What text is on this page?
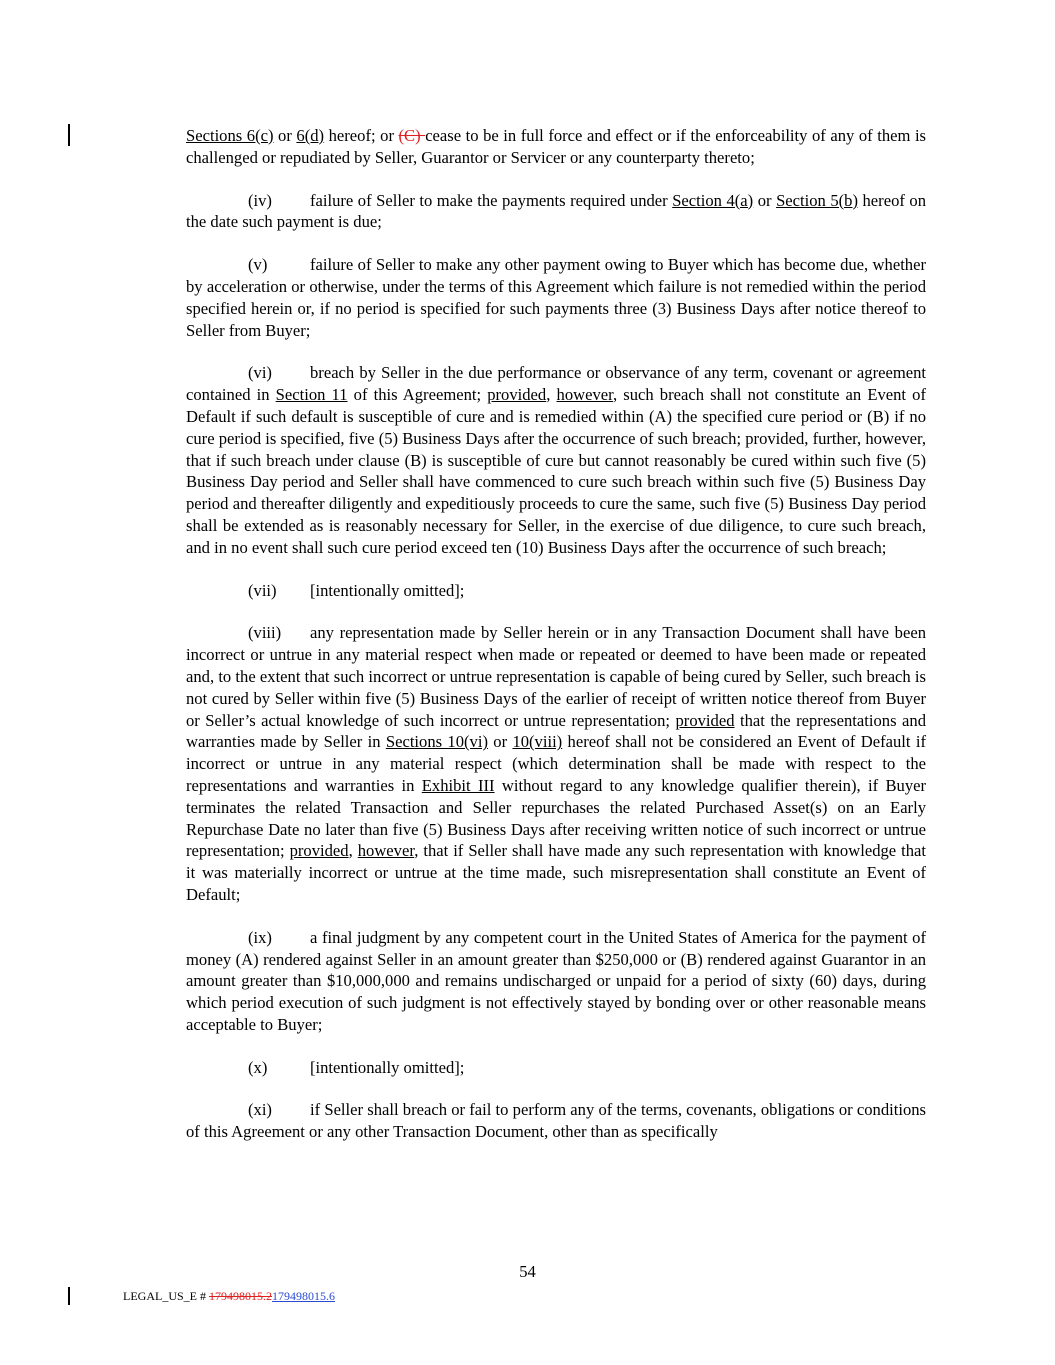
Sections 6(c) or 6(d) hereof; or (C) cease to be in full force and effect or if the enforceability of any of them is challenged or repudiated by Seller, Guarantor or Servicer or any counterparty thereto;

(iv) failure of Seller to make the payments required under Section 4(a) or Section 5(b) hereof on the date such payment is due;

(v)	failure of Seller to make any other payment owing to Buyer which has become due, whether by acceleration or otherwise, under the terms of this Agreement which failure is not remedied within the period specified herein or, if no period is specified for such payments three (3) Business Days after notice thereof to Seller from Buyer;

(vi) breach by Seller in the due performance or observance of any term, covenant or agreement contained in Section 11 of this Agreement; provided, however, such breach shall not constitute an Event of Default if such default is susceptible of cure and is remedied within (A) the specified cure period or (B) if no cure period is specified, five (5) Business Days after the occurrence of such breach; provided, further, however, that if such breach under clause (B) is susceptible of cure but cannot reasonably be cured within such five (5) Business Day period and Seller shall have commenced to cure such breach within such five (5) Business Day period and thereafter diligently and expeditiously proceeds to cure the same, such five (5) Business Day period shall be extended as is reasonably necessary for Seller, in the exercise of due diligence, to cure such breach, and in no event shall such cure period exceed ten (10) Business Days after the occurrence of such breach;

(vii) [intentionally omitted];

(viii) any representation made by Seller herein or in any Transaction Document shall have been incorrect or untrue in any material respect when made or repeated or deemed to have been made or repeated and, to the extent that such incorrect or untrue representation is capable of being cured by Seller, such breach is not cured by Seller within five (5) Business Days of the earlier of receipt of written notice thereof from Buyer or Seller’s actual knowledge of such incorrect or untrue representation; provided that the representations and warranties made by Seller in Sections 10(vi) or 10(viii) hereof shall not be considered an Event of Default if incorrect or untrue in any material respect (which determination shall be made with respect to the representations and warranties in Exhibit III without regard to any knowledge qualifier therein), if Buyer terminates the related Transaction and Seller repurchases the related Purchased Asset(s) on an Early Repurchase Date no later than five (5) Business Days after receiving written notice of such incorrect or untrue representation; provided, however, that if Seller shall have made any such representation with knowledge that it was materially incorrect or untrue at the time made, such misrepresentation shall constitute an Event of Default;

(ix) a final judgment by any competent court in the United States of America for the payment of money (A) rendered against Seller in an amount greater than $250,000 or (B) rendered against Guarantor in an amount greater than $10,000,000 and remains undischarged or unpaid for a period of sixty (60) days, during which period execution of such judgment is not effectively stayed by bonding over or other reasonable means acceptable to Buyer;

(x)	[intentionally omitted];

(xi) if Seller shall breach or fail to perform any of the terms, covenants, obligations or conditions of this Agreement or any other Transaction Document, other than as specifically

54
LEGAL_US_E # 179498015.2179498015.6
